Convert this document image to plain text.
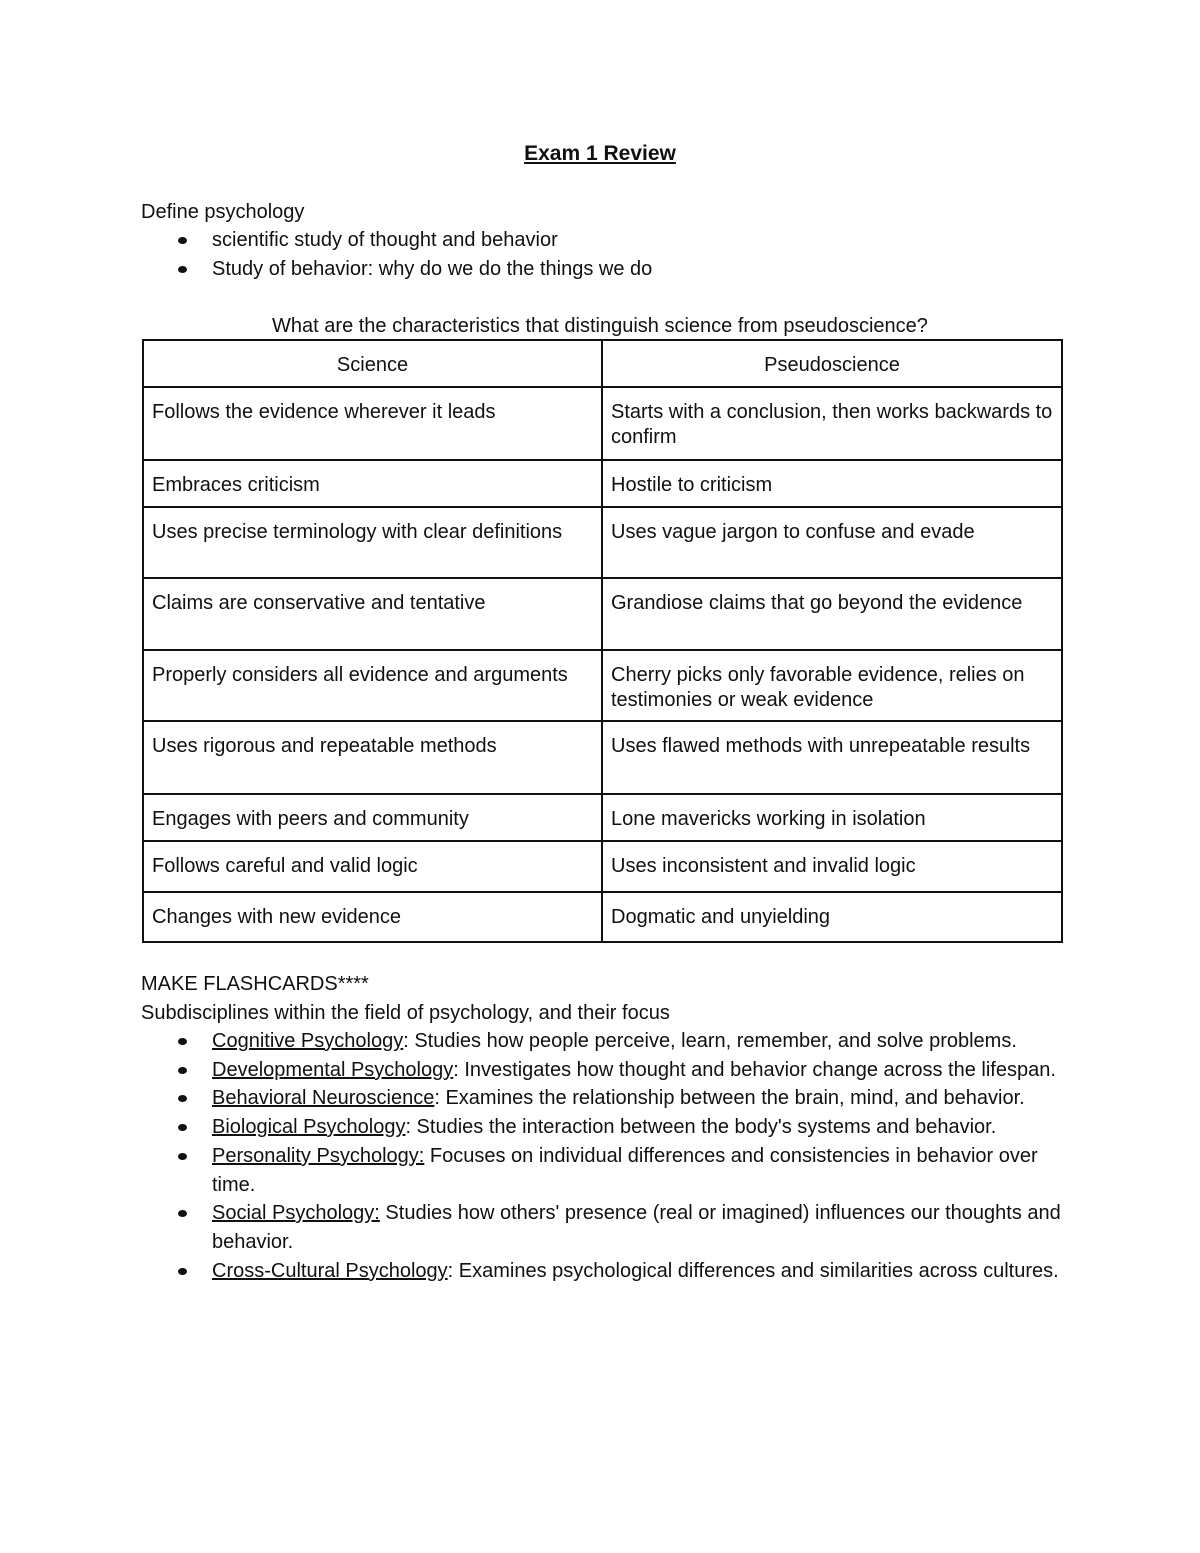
Exam 1 Review
Define psychology
scientific study of thought and behavior
Study of behavior: why do we do the things we do
What are the characteristics that distinguish science from pseudoscience?
Science	Pseudoscience
Follows the evidence wherever it leads	Starts with a conclusion, then works backwards to confirm
Embraces criticism	Hostile to criticism
Uses precise terminology with clear definitions	Uses vague jargon to confuse and evade
Claims are conservative and tentative	Grandiose claims that go beyond the evidence
Properly considers all evidence and arguments	Cherry picks only favorable evidence, relies on testimonies or weak evidence
Uses rigorous and repeatable methods	Uses flawed methods with unrepeatable results
Engages with peers and community	Lone mavericks working in isolation
Follows careful and valid logic	Uses inconsistent and invalid logic
Changes with new evidence	Dogmatic and unyielding
MAKE FLASHCARDS****
Subdisciplines within the field of psychology, and their focus
Cognitive Psychology: Studies how people perceive, learn, remember, and solve problems.
Developmental Psychology: Investigates how thought and behavior change across the lifespan.
Behavioral Neuroscience: Examines the relationship between the brain, mind, and behavior.
Biological Psychology: Studies the interaction between the body's systems and behavior.
Personality Psychology: Focuses on individual differences and consistencies in behavior over time.
Social Psychology: Studies how others' presence (real or imagined) influences our thoughts and behavior.
Cross-Cultural Psychology: Examines psychological differences and similarities across cultures.
